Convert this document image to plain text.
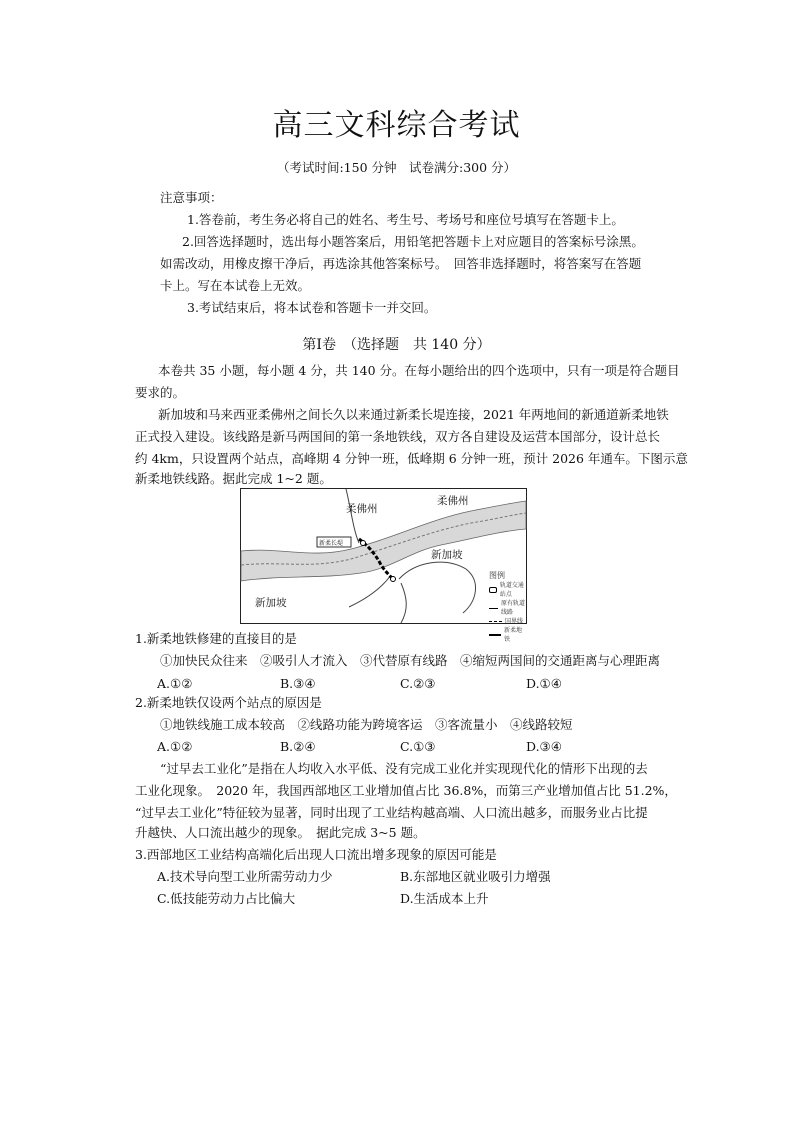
高三文科综合考试
（考试时间:150 分钟　试卷满分:300 分）
注意事项：
1.答卷前，考生务必将自己的姓名、考生号、考场号和座位号填写在答题卡上。
2.回答选择题时，选出每小题答案后，用铅笔把答题卡上对应题目的答案标号涂黑。
如需改动，用橡皮擦干净后，再选涂其他答案标号。　回答非选择题时，将答案写在答题
卡上。写在本试卷上无效。
3.考试结束后，将本试卷和答题卡一并交回。
第Ⅰ卷　（选择题　共 140 分）
本卷共 35 小题，每小题 4 分，共 140 分。在每小题给出的四个选项中，只有一项是符合题目
要求的。
新加坡和马来西亚柔佛州之间长久以来通过新柔长堤连接，2021 年两地间的新通道新柔地铁
正式投入建设。该线路是新马两国间的第一条地铁线，双方各自建设及运营本国部分，设计总长
约 4km，只设置两个站点，高峰期 4 分钟一班，低峰期 6 分钟一班，预计 2026 年通车。下图示意
新柔地铁线路。据此完成 1~2 题。
柔佛州
柔佛州
新加坡
新加坡
新柔长堤
图例
轨道交通站点
原有轨道线路
国界线
新柔地铁
1.新柔地铁修建的直接目的是
①加快民众往来　②吸引人才流入　③代替原有线路　④缩短两国间的交通距离与心理距离
A.①②	B.③④	C.②③	D.①④
2.新柔地铁仅设两个站点的原因是
①地铁线施工成本较高　②线路功能为跨境客运　③客流量小　④线路较短
A.①②	B.②④	C.①③	D.③④
“过早去工业化”是指在人均收入水平低、没有完成工业化并实现现代化的情形下出现的去
工业化现象。　2020 年，我国西部地区工业增加值占比 36.8%，而第三产业增加值占比 51.2%，
“过早去工业化”特征较为显著，同时出现了工业结构越高端、人口流出越多，而服务业占比提
升越快、人口流出越少的现象。　据此完成 3~5 题。
3.西部地区工业结构高端化后出现人口流出增多现象的原因可能是
A.技术导向型工业所需劳动力少	B.东部地区就业吸引力增强
C.低技能劳动力占比偏大	D.生活成本上升
